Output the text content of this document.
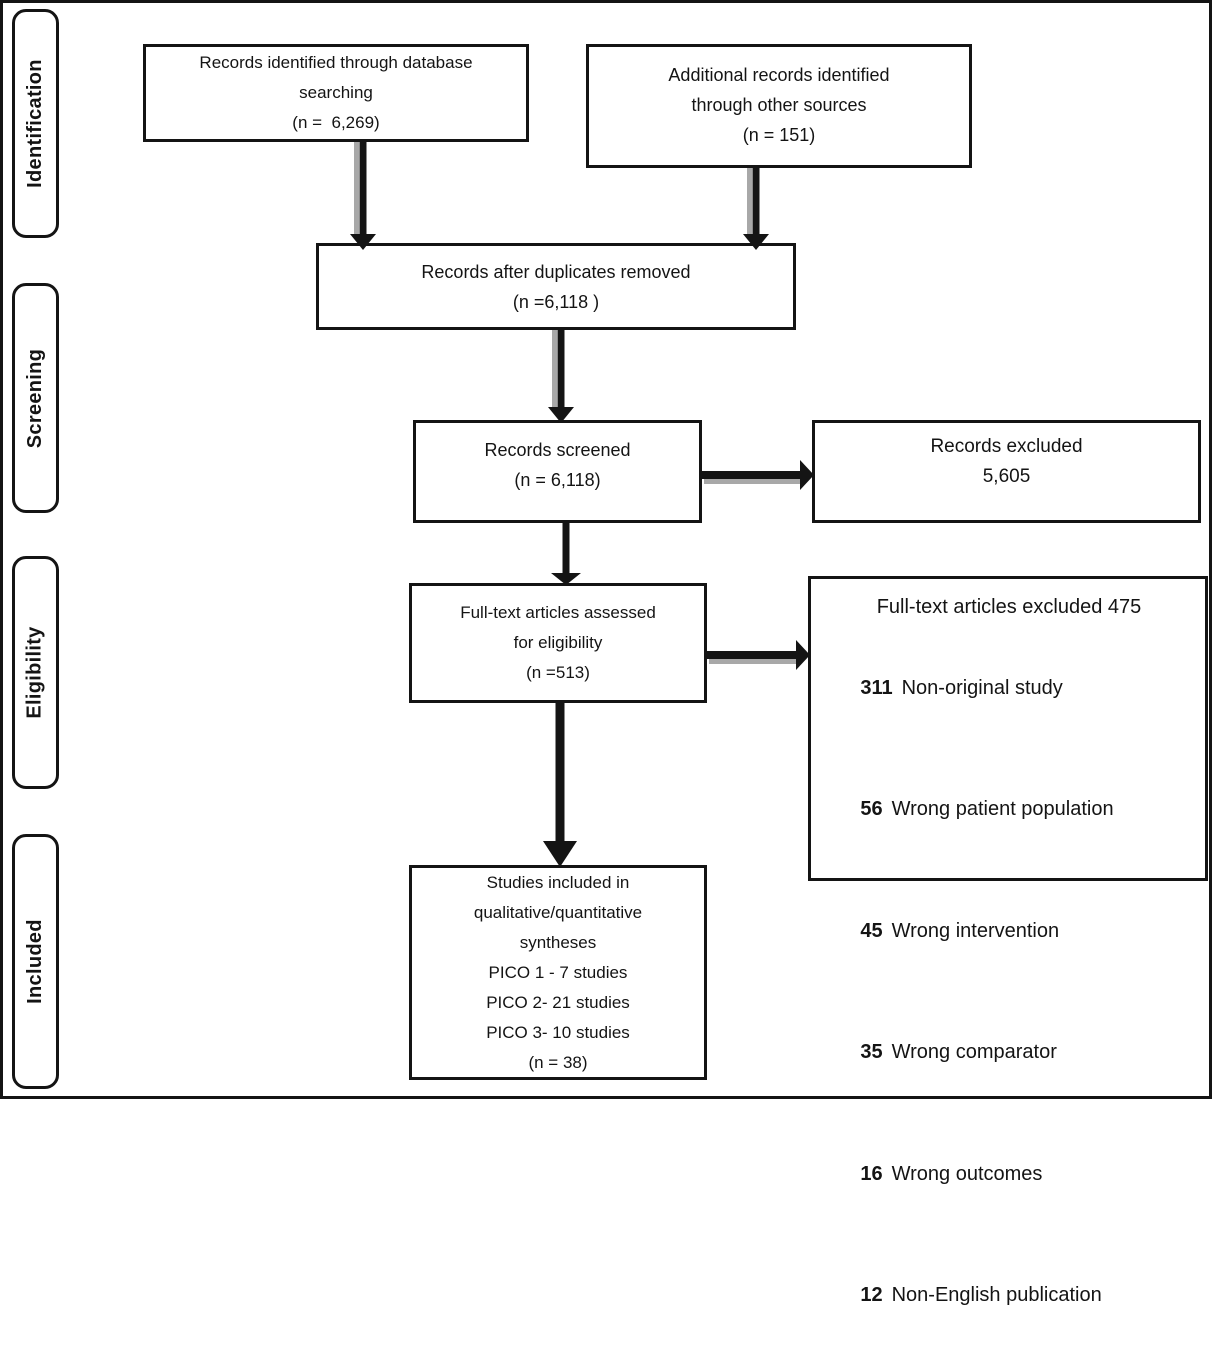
Identification
Screening
Eligibility
Included
Records identified through database
searching
(n =  6,269)
Additional records identified
through other sources
(n = 151)
Records after duplicates removed
(n =6,118 )
Records screened
(n = 6,118)
Records excluded
5,605
Full-text articles assessed
for eligibility
(n =513)
Full-text articles excluded 475

311 Non-original study

56 Wrong patient population

45 Wrong intervention

35 Wrong comparator

16 Wrong outcomes

12 Non-English publication

Studies included in
qualitative/quantitative
syntheses
PICO 1 - 7 studies
PICO 2- 21 studies
PICO 3- 10 studies
(n = 38)
